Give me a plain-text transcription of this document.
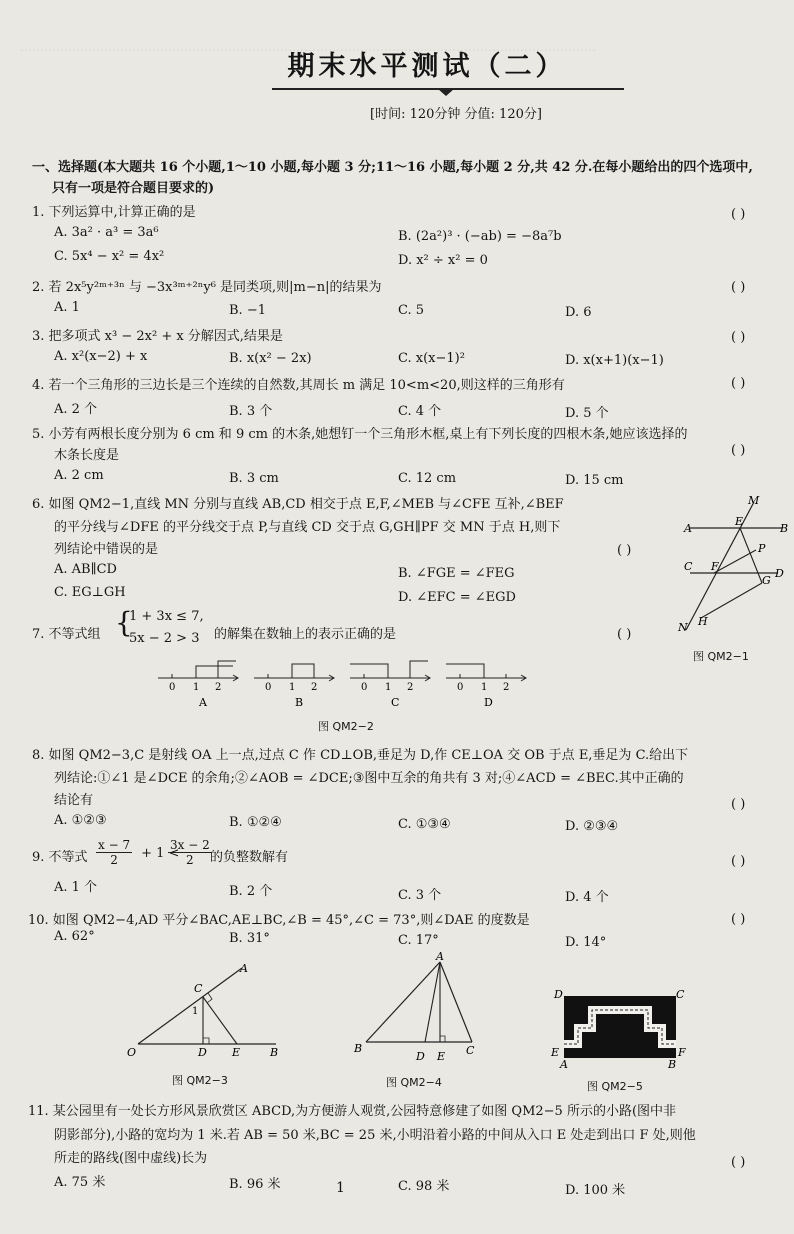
………………………………………………………………………………………………………………………………
期末水平测试（二）
[时间: 120分钟 分值: 120分]
一、选择题(本大题共 16 个小题,1～10 小题,每小题 3 分;11～16 小题,每小题 2 分,共 42 分.在每小题给出的四个选项中,
只有一项是符合题目要求的)
1. 下列运算中,计算正确的是	( )
A. 3a² · a³ = 3a⁶	B. (2a²)³ · (−ab) = −8a⁷b
C. 5x⁴ − x² = 4x²	D. x² ÷ x² = 0
2. 若 2x⁵y²ᵐ⁺³ⁿ 与 −3x³ᵐ⁺²ⁿy⁶ 是同类项,则|m−n|的结果为	( )
A. 1	B. −1	C. 5	D. 6
3. 把多项式 x³ − 2x² + x 分解因式,结果是	( )
A. x²(x−2) + x	B. x(x² − 2x)	C. x(x−1)²	D. x(x+1)(x−1)
4. 若一个三角形的三边长是三个连续的自然数,其周长 m 满足 10<m<20,则这样的三角形有	( )
A. 2 个	B. 3 个	C. 4 个	D. 5 个
5. 小芳有两根长度分别为 6 cm 和 9 cm 的木条,她想钉一个三角形木框,桌上有下列长度的四根木条,她应该选择的
木条长度是	( )
A. 2 cm	B. 3 cm	C. 12 cm	D. 15 cm
6. 如图 QM2−1,直线 MN 分别与直线 AB,CD 相交于点 E,F,∠MEB 与∠CFE 互补,∠BEF
的平分线与∠DFE 的平分线交于点 P,与直线 CD 交于点 G,GH∥PF 交 MN 于点 H,则下
列结论中错误的是	( )
A. AB∥CD	B. ∠FGE = ∠FEG
C. EG⊥GH	D. ∠EFC = ∠EGD
M
E
B
A
P
C F
G
D
N H
图 QM2−1
7. 不等式组 {
1 + 3x ≤ 7,
5x − 2 > 3 的解集在数轴上的表示正确的是	( )
0 1 2
A
0 1 2
B
0 1 2
C
0 1 2
D
图 QM2−2
8. 如图 QM2−3,C 是射线 OA 上一点,过点 C 作 CD⊥OB,垂足为 D,作 CE⊥OA 交 OB 于点 E,垂足为 C.给出下
列结论:①∠1 是∠DCE 的余角;②∠AOB = ∠DCE;③图中互余的角共有 3 对;④∠ACD = ∠BEC.其中正确的
结论有	( )
A. ①②③	B. ①②④	C. ①③④	D. ②③④
9. 不等式 $\frac{x - 7}{2} + 1$ <
$\frac{3x - 2}{2}$
的负整数解有	( )
A. 1 个	B. 2 个	C. 3 个	D. 4 个
10. 如图 QM2−4,AD 平分∠BAC,AE⊥BC,∠B = 45°,∠C = 73°,则∠DAE 的度数是	( )
A. 62°	B. 31°	C. 17°	D. 14°
A
C
1
O	D E	B
图 QM2−3
A
B
D E C
图 QM2−4
D	C
E
A	B
F
图 QM2−5
11. 某公园里有一处长方形风景欣赏区 ABCD,为方便游人观赏,公园特意修建了如图 QM2−5 所示的小路(图中非
阴影部分),小路的宽均为 1 米.若 AB = 50 米,BC = 25 米,小明沿着小路的中间从入口 E 处走到出口 F 处,则他
所走的路线(图中虚线)长为	( )
A. 75 米	B. 96 米	C. 98 米	D. 100 米
1
